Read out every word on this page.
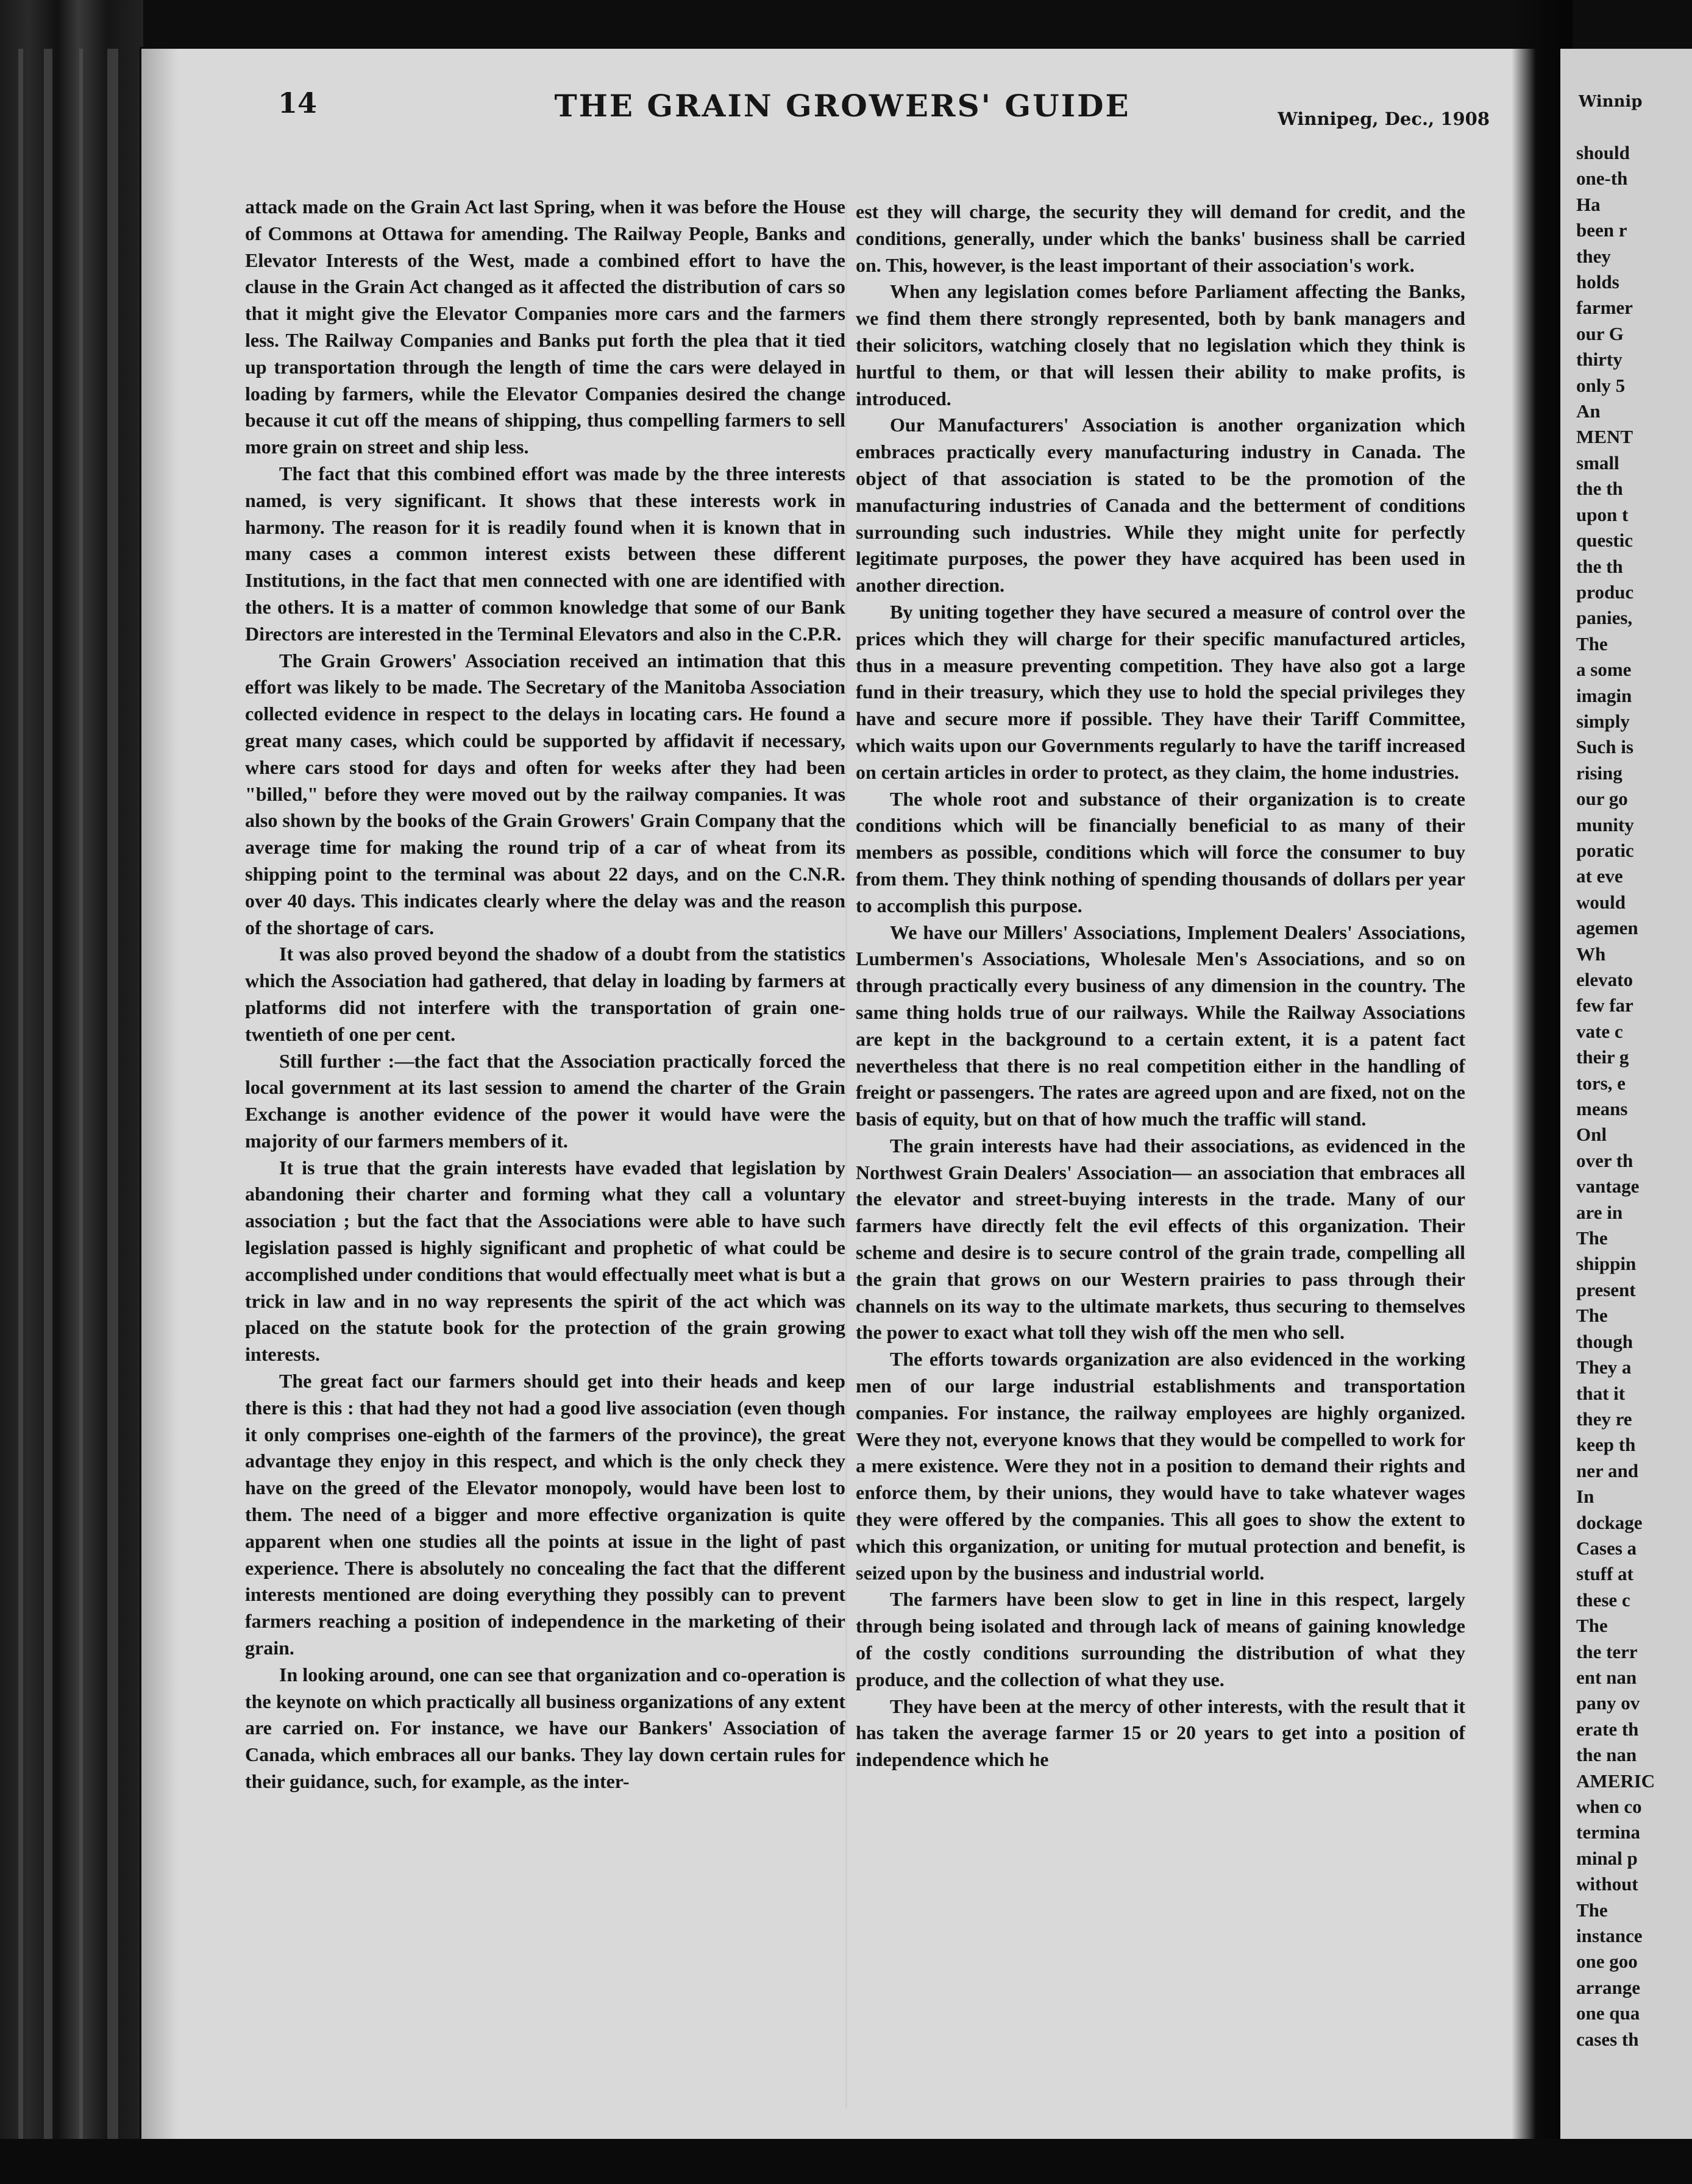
14	THE GRAIN GROWERS' GUIDE	Winnipeg, Dec., 1908

attack made on the Grain Act last Spring, when it was before the House of Commons at Ottawa for amending. The Railway People, Banks and Elevator Interests of the West, made a combined effort to have the clause in the Grain Act changed as it affected the distribution of cars so that it might give the Elevator Companies more cars and the farmers less. The Railway Companies and Banks put forth the plea that it tied up transportation through the length of time the cars were delayed in loading by farmers, while the Elevator Companies desired the change because it cut off the means of shipping, thus compelling farmers to sell more grain on street and ship less.

The fact that this combined effort was made by the three interests named, is very significant. It shows that these interests work in harmony. The reason for it is readily found when it is known that in many cases a common interest exists between these different Institutions, in the fact that men connected with one are identified with the others. It is a matter of common knowledge that some of our Bank Directors are interested in the Terminal Elevators and also in the C.P.R.

The Grain Growers' Association received an intimation that this effort was likely to be made. The Secretary of the Manitoba Association collected evidence in respect to the delays in locating cars. He found a great many cases, which could be supported by affidavit if necessary, where cars stood for days and often for weeks after they had been "billed," before they were moved out by the railway companies. It was also shown by the books of the Grain Growers' Grain Company that the average time for making the round trip of a car of wheat from its shipping point to the terminal was about 22 days, and on the C.N.R. over 40 days. This indicates clearly where the delay was and the reason of the shortage of cars.

It was also proved beyond the shadow of a doubt from the statistics which the Association had gathered, that delay in loading by farmers at platforms did not interfere with the transportation of grain one-twentieth of one per cent.

Still further :—the fact that the Association practically forced the local government at its last session to amend the charter of the Grain Exchange is another evidence of the power it would have were the majority of our farmers members of it.

It is true that the grain interests have evaded that legislation by abandoning their charter and forming what they call a voluntary association ; but the fact that the Associations were able to have such legislation passed is highly significant and prophetic of what could be accomplished under conditions that would effectually meet what is but a trick in law and in no way represents the spirit of the act which was placed on the statute book for the protection of the grain growing interests.

The great fact our farmers should get into their heads and keep there is this : that had they not had a good live association (even though it only comprises one-eighth of the farmers of the province), the great advantage they enjoy in this respect, and which is the only check they have on the greed of the Elevator monopoly, would have been lost to them. The need of a bigger and more effective organization is quite apparent when one studies all the points at issue in the light of past experience. There is absolutely no concealing the fact that the different interests mentioned are doing everything they possibly can to prevent farmers reaching a position of independence in the marketing of their grain.

In looking around, one can see that organization and co-operation is the keynote on which practically all business organizations of any extent are carried on. For instance, we have our Bankers' Association of Canada, which embraces all our banks. They lay down certain rules for their guidance, such, for example, as the inter-

est they will charge, the security they will demand for credit, and the conditions, generally, under which the banks' business shall be carried on. This, however, is the least important of their association's work.

When any legislation comes before Parliament affecting the Banks, we find them there strongly represented, both by bank managers and their solicitors, watching closely that no legislation which they think is hurtful to them, or that will lessen their ability to make profits, is introduced.

Our Manufacturers' Association is another organization which embraces practically every manufacturing industry in Canada. The object of that association is stated to be the promotion of the manufacturing industries of Canada and the betterment of conditions surrounding such industries. While they might unite for perfectly legitimate purposes, the power they have acquired has been used in another direction.

By uniting together they have secured a measure of control over the prices which they will charge for their specific manufactured articles, thus in a measure preventing competition. They have also got a large fund in their treasury, which they use to hold the special privileges they have and secure more if possible. They have their Tariff Committee, which waits upon our Governments regularly to have the tariff increased on certain articles in order to protect, as they claim, the home industries.

The whole root and substance of their organization is to create conditions which will be financially beneficial to as many of their members as possible, conditions which will force the consumer to buy from them. They think nothing of spending thousands of dollars per year to accomplish this purpose.

We have our Millers' Associations, Implement Dealers' Associations, Lumbermen's Associations, Wholesale Men's Associations, and so on through practically every business of any dimension in the country. The same thing holds true of our railways. While the Railway Associations are kept in the background to a certain extent, it is a patent fact nevertheless that there is no real competition either in the handling of freight or passengers. The rates are agreed upon and are fixed, not on the basis of equity, but on that of how much the traffic will stand.

The grain interests have had their associations, as evidenced in the Northwest Grain Dealers' Association— an association that embraces all the elevator and street-buying interests in the trade. Many of our farmers have directly felt the evil effects of this organization. Their scheme and desire is to secure control of the grain trade, compelling all the grain that grows on our Western prairies to pass through their channels on its way to the ultimate markets, thus securing to themselves the power to exact what toll they wish off the men who sell.

The efforts towards organization are also evidenced in the working men of our large industrial establishments and transportation companies. For instance, the railway employees are highly organized. Were they not, everyone knows that they would be compelled to work for a mere existence. Were they not in a position to demand their rights and enforce them, by their unions, they would have to take whatever wages they were offered by the companies. This all goes to show the extent to which this organization, or uniting for mutual protection and benefit, is seized upon by the business and industrial world.

The farmers have been slow to get in line in this respect, largely through being isolated and through lack of means of gaining knowledge of the costly conditions surrounding the distribution of what they produce, and the collection of what they use.

They have been at the mercy of other interests, with the result that it has taken the average farmer 15 or 20 years to get into a position of independence which he

Winnip
should
one-th
Ha
been r
they
holds
farmer
our G
thirty
only 5
An
MENT
small
the th
upon t
questic
the th
produc
panies,
The
a some
imagin
simply
Such is
rising
our go
munity
poratic
at eve
would
agemen
Wh
elevato
few far
vate c
their g
tors, e
means
Onl
over th
vantage
are in
The
shippin
present
The
though
They a
that it
they re
keep th
ner and
In
dockage
Cases a
stuff at
these c
The
the terr
ent nan
pany ov
erate th
the nan
AMERIC
when co
termina
minal p
without
The
instance
one goo
arrange
one qua
cases th
